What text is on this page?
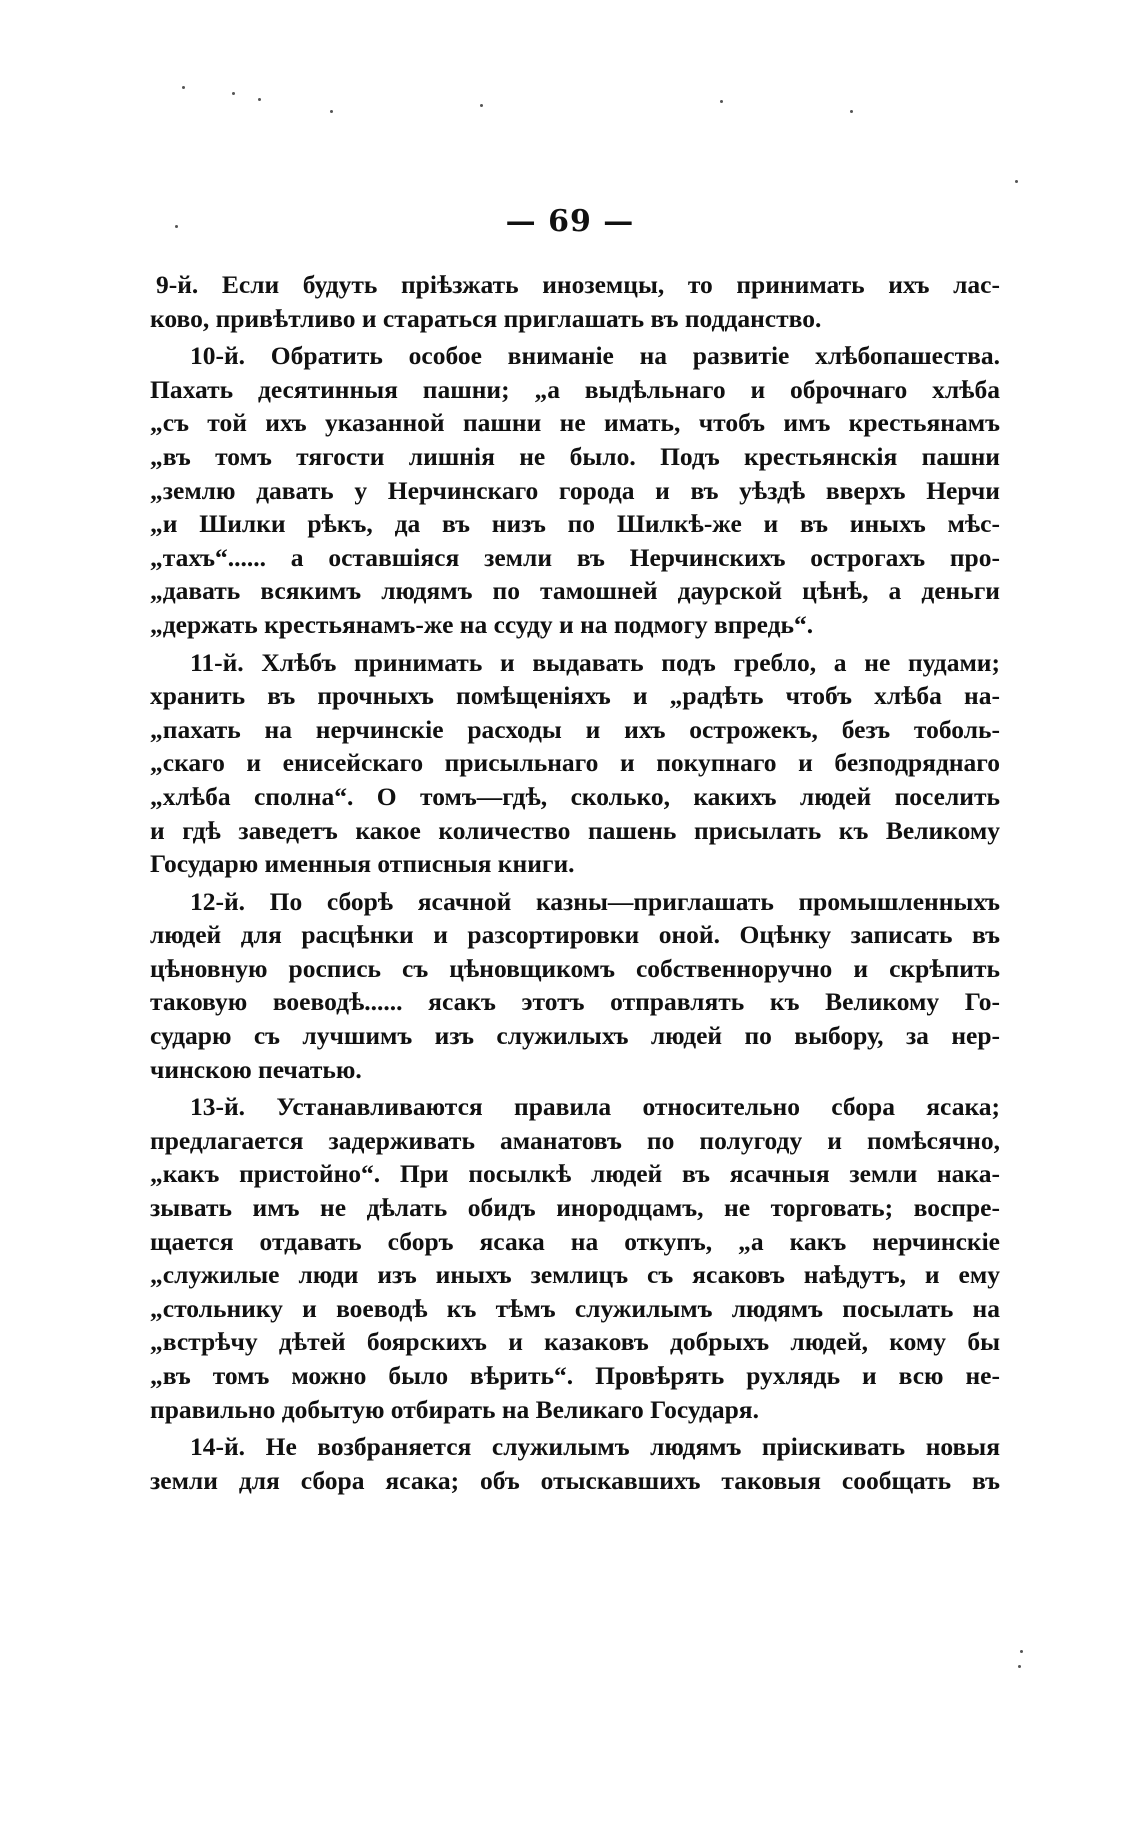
— 69 —
9-й. Если будуть прiѣзжать иноземцы, то принимать ихъ лас-
ково, привѣтливо и стараться приглашать въ подданство.
10-й. Обратить особое вниманiе на развитiе хлѣбопашества.
Пахать десятинныя пашни; „а выдѣльнаго и оброчнаго хлѣба
„съ той ихъ указанной пашни не имать, чтобъ имъ крестьянамъ
„въ томъ тягости лишнiя не было. Подъ крестьянскiя пашни
„землю давать у Нерчинскаго города и въ уѣздѣ вверхъ Нерчи
„и Шилки рѣкъ, да въ низъ по Шилкѣ-же и въ иныхъ мѣс-
„тахъ“...... а оставшiяся земли въ Нерчинскихъ острогахъ про-
„давать всякимъ людямъ по тамошней даурской цѣнѣ, а деньги
„держать крестьянамъ-же на ссуду и на подмогу впредь“.
11-й. Хлѣбъ принимать и выдавать подъ гребло, а не пудами;
хранить въ прочныхъ помѣщенiяхъ и „радѣть чтобъ хлѣба на-
„пахать на нерчинскiе расходы и ихъ острожекъ, безъ тоболь-
„скаго и енисейскаго присыльнаго и покупнаго и безподряднаго
„хлѣба сполна“. О томъ—гдѣ, сколько, какихъ людей поселить
и гдѣ заведетъ какое количество пашень присылать къ Великому
Государю именныя отписныя книги.
12-й. По сборѣ ясачной казны—приглашать промышленныхъ
людей для расцѣнки и разсортировки оной. Оцѣнку записать въ
цѣновную роспись съ цѣновщикомъ собственноручно и скрѣпить
таковую воеводѣ...... ясакъ этотъ отправлять къ Великому Го-
сударю съ лучшимъ изъ служилыхъ людей по выбору, за нер-
чинскою печатью.
13-й. Устанавливаются правила относительно сбора ясака;
предлагается задерживать аманатовъ по полугоду и помѣсячно,
„какъ пристойно“. При посылкѣ людей въ ясачныя земли нака-
зывать имъ не дѣлать обидъ инородцамъ, не торговать; воспре-
щается отдавать сборъ ясака на откупъ, „а какъ нерчинскiе
„служилые люди изъ иныхъ землицъ съ ясаковъ наѣдутъ, и ему
„стольнику и воеводѣ къ тѣмъ служилымъ людямъ посылать на
„встрѣчу дѣтей боярскихъ и казаковъ добрыхъ людей, кому бы
„въ томъ можно было вѣрить“. Провѣрять рухлядь и всю не-
правильно добытую отбирать на Великаго Государя.
14-й. Не возбраняется служилымъ людямъ прiискивать новыя
земли для сбора ясака; объ отыскавшихъ таковыя сообщать въ
